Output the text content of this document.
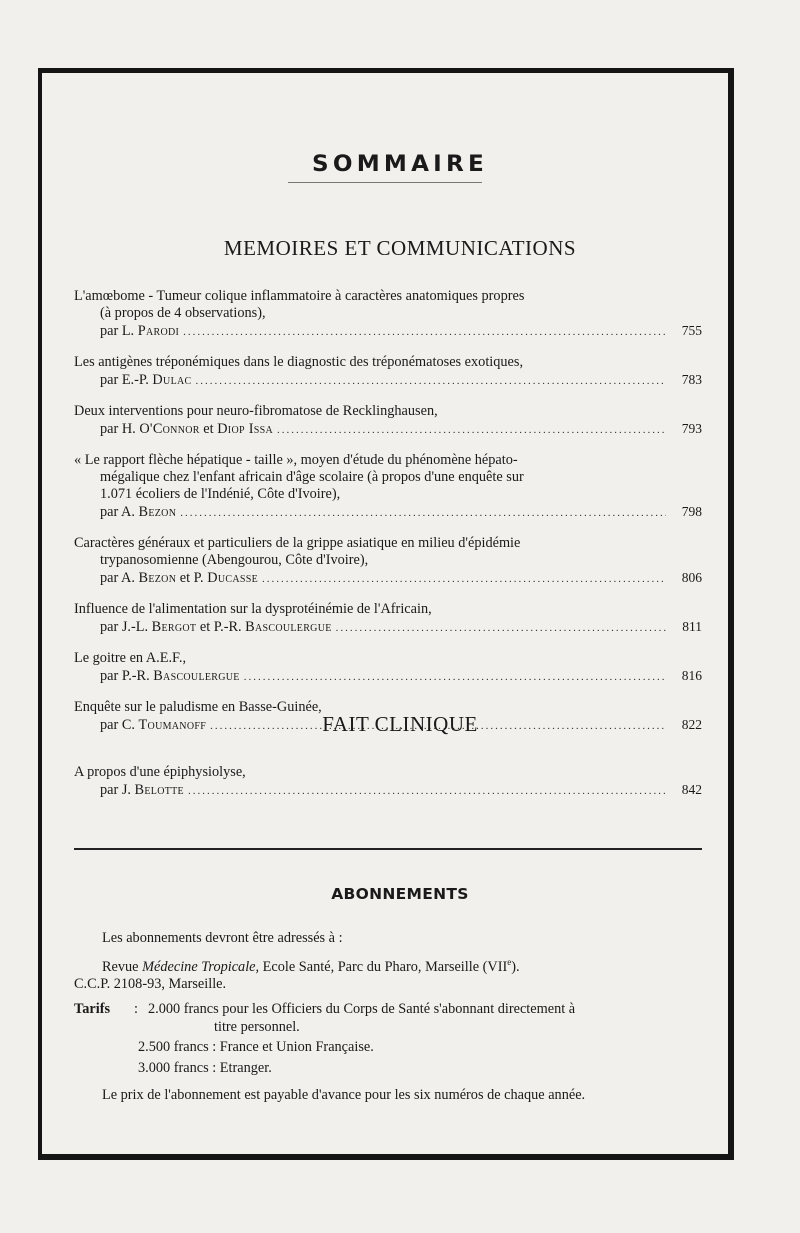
SOMMAIRE
MEMOIRES ET COMMUNICATIONS
L'amœbome - Tumeur colique inflammatoire à caractères anatomiques propres
(à propos de 4 observations),
par L. Parodi .....	755
Les antigènes tréponémiques dans le diagnostic des tréponématoses exotiques,
par E.-P. Dulac .....	783
Deux interventions pour neuro-fibromatose de Recklinghausen,
par H. O'Connor et Diop Issa .....	793
« Le rapport flèche hépatique - taille », moyen d'étude du phénomène hépato-
mégalique chez l'enfant africain d'âge scolaire (à propos d'une enquête sur
1.071 écoliers de l'Indénié, Côte d'Ivoire),
par A. Bezon .....	798
Caractères généraux et particuliers de la grippe asiatique en milieu d'épidémie
trypanosomienne (Abengourou, Côte d'Ivoire),
par A. Bezon et P. Ducasse .....	806
Influence de l'alimentation sur la dysprotéinémie de l'Africain,
par J.-L. Bergot et P.-R. Bascoulergue .....	811
Le goitre en A.E.F.,
par P.-R. Bascoulergue .....	816
Enquête sur le paludisme en Basse-Guinée,
par C. Toumanoff .....	822
FAIT CLINIQUE
A propos d'une épiphysiolyse,
par J. Belotte .....	842
ABONNEMENTS

Les abonnements devront être adressés à :

Revue Médecine Tropicale, Ecole Santé, Parc du Pharo, Marseille (VIIe).

C.C.P. 2108-93, Marseille.

Tarifs	: 2.000 francs pour les Officiers du Corps de Santé s'abonnant directement à
titre personnel.
2.500 francs : France et Union Française.
3.000 francs : Etranger.

Le prix de l'abonnement est payable d'avance pour les six numéros de chaque année.
